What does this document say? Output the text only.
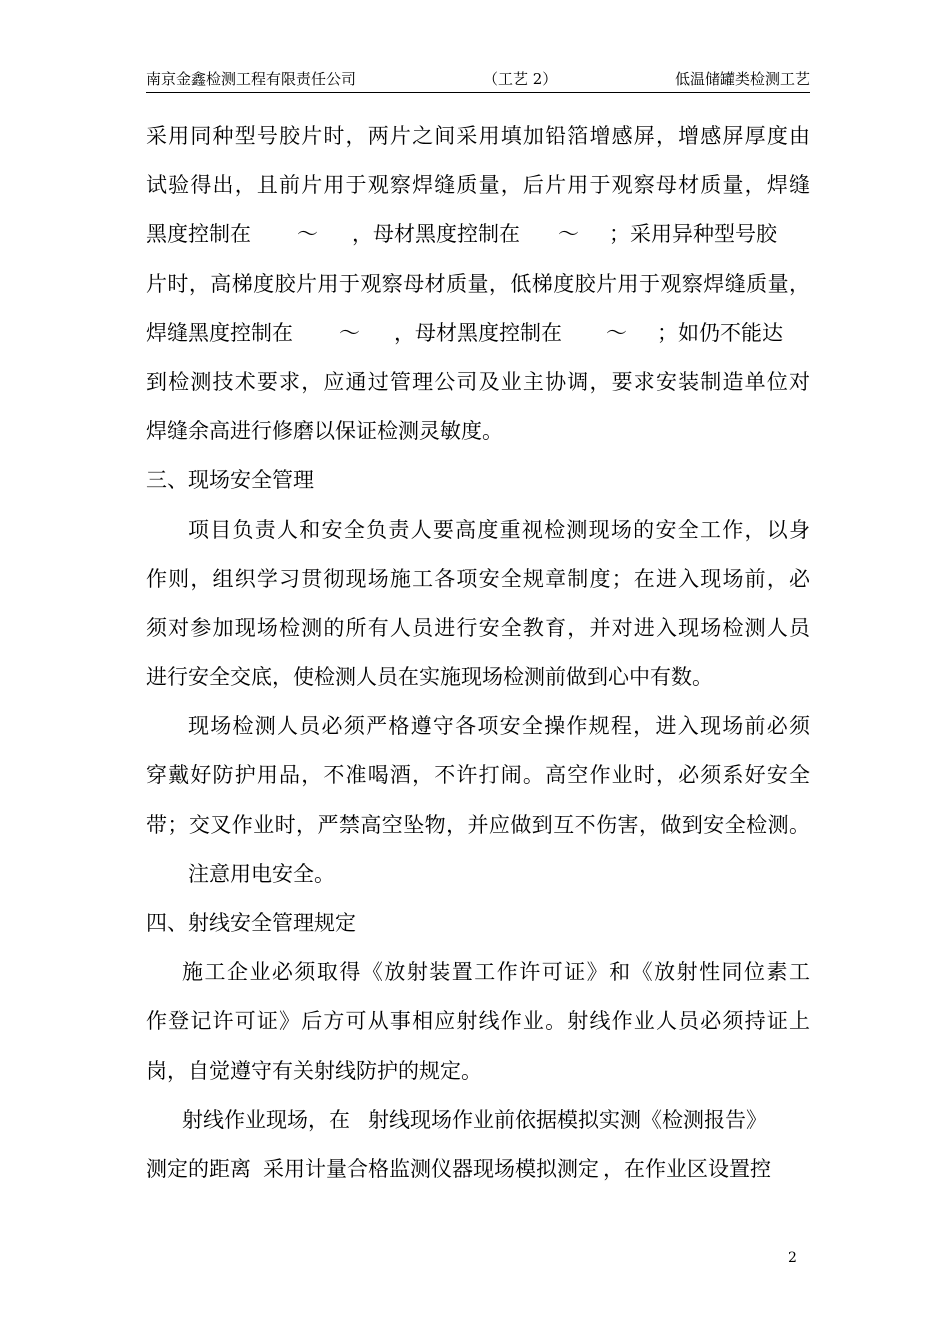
南京金鑫检测工程有限责任公司	（工艺 2）	低温储罐类检测工艺
采用同种型号胶片时，两片之间采用填加铅箔增感屏，增感屏厚度由
试验得出，且前片用于观察焊缝质量，后片用于观察母材质量，焊缝
黑度控制在 ～ ，母材黑度控制在 ～ ；采用异种型号胶
片时，高梯度胶片用于观察母材质量，低梯度胶片用于观察焊缝质量，
焊缝黑度控制在 ～ ，母材黑度控制在 ～ ；如仍不能达
到检测技术要求，应通过管理公司及业主协调，要求安装制造单位对
焊缝余高进行修磨以保证检测灵敏度。
三、现场安全管理
项目负责人和安全负责人要高度重视检测现场的安全工作，以身
作则，组织学习贯彻现场施工各项安全规章制度；在进入现场前，必
须对参加现场检测的所有人员进行安全教育，并对进入现场检测人员
进行安全交底，使检测人员在实施现场检测前做到心中有数。
现场检测人员必须严格遵守各项安全操作规程，进入现场前必须
穿戴好防护用品，不准喝酒，不许打闹。高空作业时，必须系好安全
带；交叉作业时，严禁高空坠物，并应做到互不伤害，做到安全检测。
注意用电安全。
四、射线安全管理规定
施工企业必须取得《放射装置工作许可证》和《放射性同位素工
作登记许可证》后方可从事相应射线作业。射线作业人员必须持证上
岗，自觉遵守有关射线防护的规定。
射线作业现场，在 射线现场作业前依据模拟实测《检测报告》
测定的距离 采用计量合格监测仪器现场模拟测定 ，在作业区设置控
2
